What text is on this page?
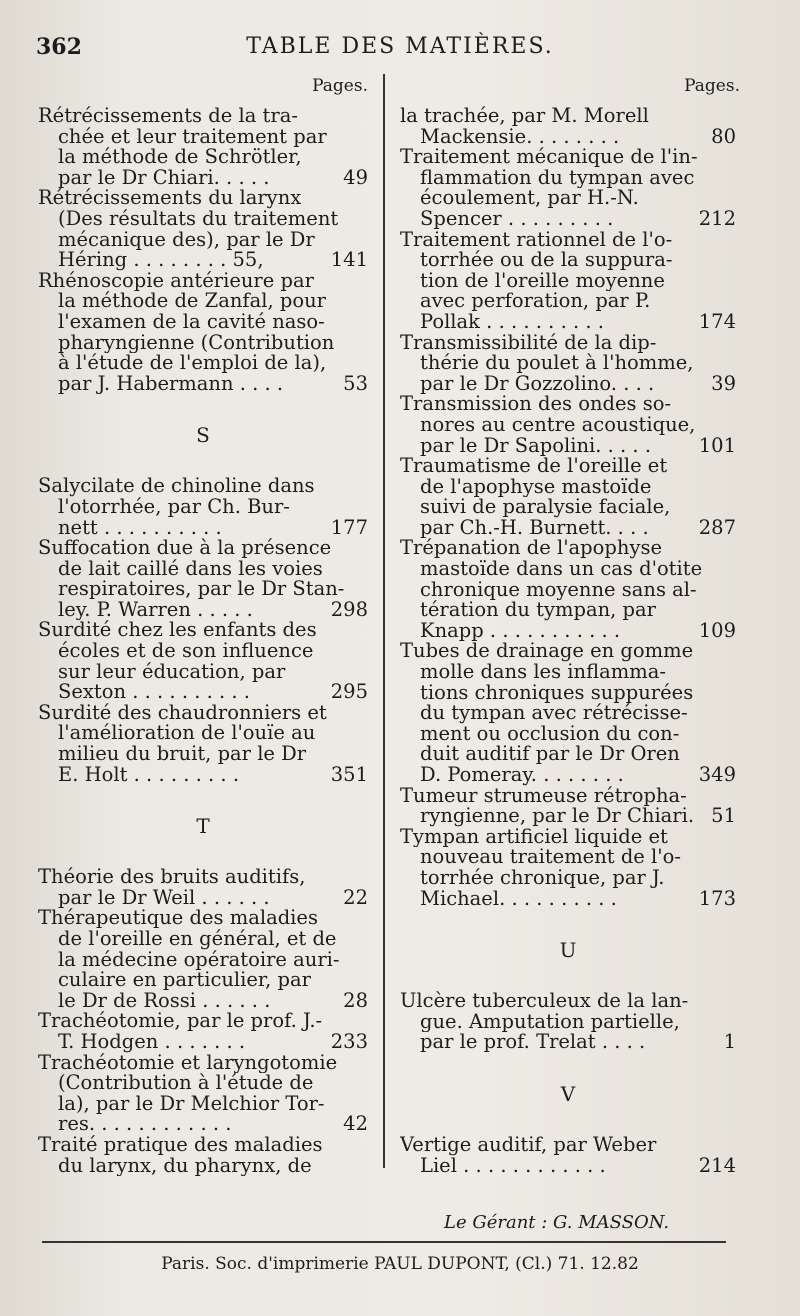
362	TABLE DES MATIÈRES.
Pages.
Rétrécissements de la tra-
chée et leur traitement par
la méthode de Schrötler,
par le Dr Chiari. . . . .	49
Rétrécissements du larynx
(Des résultats du traitement
mécanique des), par le Dr
Héring . . . . . . . . 55,	141
Rhénoscopie antérieure par
la méthode de Zanfal, pour
l'examen de la cavité naso-
pharyngienne (Contribution
à l'étude de l'emploi de la),
par J. Habermann . . . .	53
S
Salycilate de chinoline dans
l'otorrhée, par Ch. Bur-
nett . . . . . . . . . .	177
Suffocation due à la présence
de lait caillé dans les voies
respiratoires, par le Dr Stan-
ley. P. Warren . . . . .	298
Surdité chez les enfants des
écoles et de son influence
sur leur éducation, par
Sexton . . . . . . . . . .	295
Surdité des chaudronniers et
l'amélioration de l'ouïe au
milieu du bruit, par le Dr
E. Holt . . . . . . . . .	351
T
Théorie des bruits auditifs,
par le Dr Weil . . . . . .	22
Thérapeutique des maladies
de l'oreille en général, et de
la médecine opératoire auri-
culaire en particulier, par
le Dr de Rossi . . . . . .	28
Trachéotomie, par le prof. J.-
T. Hodgen . . . . . . .	233
Trachéotomie et laryngotomie
(Contribution à l'étude de
la), par le Dr Melchior Tor-
res. . . . . . . . . . . .	42
Traité pratique des maladies
du larynx, du pharynx, de
Pages.
la trachée, par M. Morell
Mackensie. . . . . . . .	80
Traitement mécanique de l'in-
flammation du tympan avec
écoulement, par H.-N.
Spencer . . . . . . . . .	212
Traitement rationnel de l'o-
torrhée ou de la suppura-
tion de l'oreille moyenne
avec perforation, par P.
Pollak . . . . . . . . . .	174
Transmissibilité de la dip-
thérie du poulet à l'homme,
par le Dr Gozzolino. . . .	39
Transmission des ondes so-
nores au centre acoustique,
par le Dr Sapolini. . . . .	101
Traumatisme de l'oreille et
de l'apophyse mastoïde
suivi de paralysie faciale,
par Ch.-H. Burnett. . . .	287
Trépanation de l'apophyse
mastoïde dans un cas d'otite
chronique moyenne sans al-
tération du tympan, par
Knapp . . . . . . . . . . .	109
Tubes de drainage en gomme
molle dans les inflamma-
tions chroniques suppurées
du tympan avec rétrécisse-
ment ou occlusion du con-
duit auditif par le Dr Oren
D. Pomeray. . . . . . . .	349
Tumeur strumeuse rétropha-
ryngienne, par le Dr Chiari. 51
Tympan artificiel liquide et
nouveau traitement de l'o-
torrhée chronique, par J.
Michael. . . . . . . . . .	173
U
Ulcère tuberculeux de la lan-
gue. Amputation partielle,
par le prof. Trelat . . . .	1
V
Vertige auditif, par Weber
Liel . . . . . . . . . . . .	214
Le Gérant : G. MASSON.
Paris. Soc. d'imprimerie PAUL DUPONT, (Cl.) 71. 12.82
